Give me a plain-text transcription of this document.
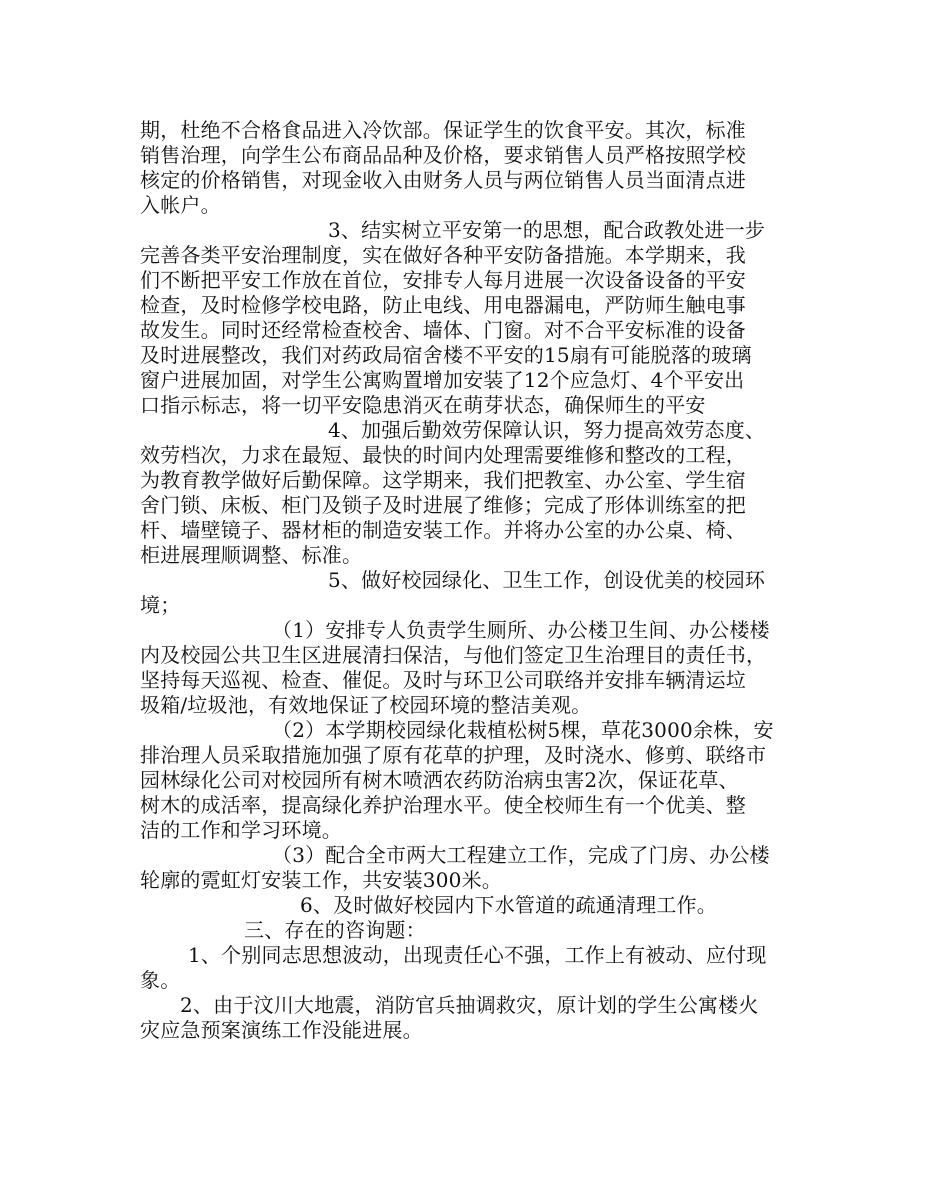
期，杜绝不合格食品进入冷饮部。保证学生的饮食平安。其次，标准
销售治理，向学生公布商品品种及价格，要求销售人员严格按照学校
核定的价格销售，对现金收入由财务人员与两位销售人员当面清点进
入帐户。
3、结实树立平安第一的思想，配合政教处进一步
完善各类平安治理制度，实在做好各种平安防备措施。本学期来，我
们不断把平安工作放在首位，安排专人每月进展一次设备设备的平安
检查，及时检修学校电路，防止电线、用电器漏电，严防师生触电事
故发生。同时还经常检查校舍、墙体、门窗。对不合平安标准的设备
及时进展整改，我们对药政局宿舍楼不平安的15扇有可能脱落的玻璃
窗户进展加固，对学生公寓购置增加安装了12个应急灯、4个平安出
口指示标志，将一切平安隐患消灭在萌芽状态，确保师生的平安
4、加强后勤效劳保障认识，努力提高效劳态度、
效劳档次，力求在最短、最快的时间内处理需要维修和整改的工程，
为教育教学做好后勤保障。这学期来，我们把教室、办公室、学生宿
舍门锁、床板、柜门及锁子及时进展了维修；完成了形体训练室的把
杆、墙壁镜子、器材柜的制造安装工作。并将办公室的办公桌、椅、
柜进展理顺调整、标准。
5、做好校园绿化、卫生工作，创设优美的校园环
境；
（1）安排专人负责学生厕所、办公楼卫生间、办公楼楼
内及校园公共卫生区进展清扫保洁，与他们签定卫生治理目的责任书，
坚持每天巡视、检查、催促。及时与环卫公司联络并安排车辆清运垃
圾箱/垃圾池，有效地保证了校园环境的整洁美观。
（2）本学期校园绿化栽植松树5棵，草花3000余株，安
排治理人员采取措施加强了原有花草的护理，及时浇水、修剪、联络市
园林绿化公司对校园所有树木喷洒农药防治病虫害2次，保证花草、
树木的成活率，提高绿化养护治理水平。使全校师生有一个优美、整
洁的工作和学习环境。
（3）配合全市两大工程建立工作，完成了门房、办公楼
轮廓的霓虹灯安装工作，共安装300米。
6、及时做好校园内下水管道的疏通清理工作。
三、存在的咨询题：
1、个别同志思想波动，出现责任心不强，工作上有被动、应付现
象。
2、由于汶川大地震，消防官兵抽调救灾，原计划的学生公寓楼火
灾应急预案演练工作没能进展。
